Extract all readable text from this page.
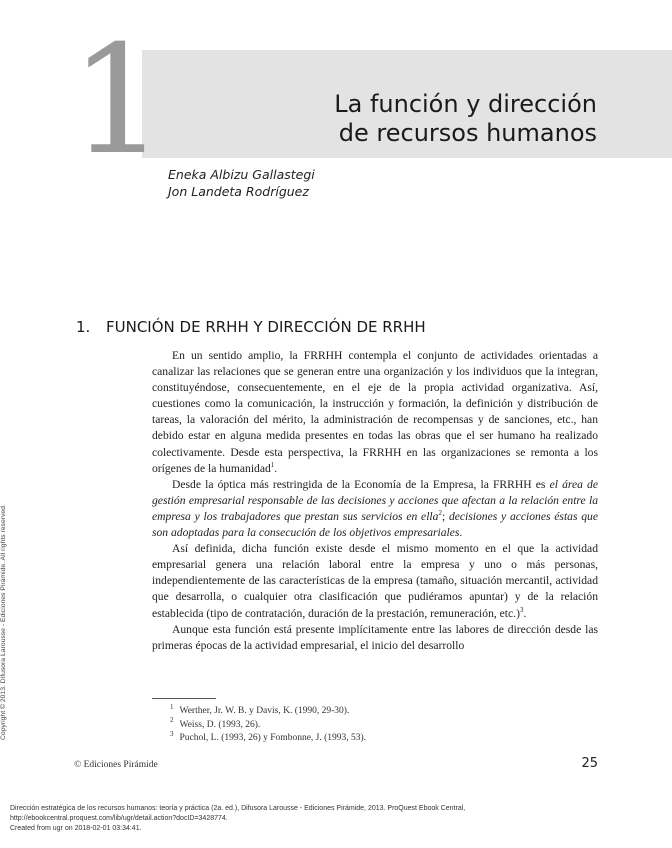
1	La función y dirección
de recursos humanos
Eneka Albizu Gallastegi
Jon Landeta Rodríguez
1. FUNCIÓN DE RRHH Y DIRECCIÓN DE RRHH

En un sentido amplio, la FRRHH contempla el conjunto de actividades orientadas a canalizar las relaciones que se generan entre una organización y los individuos que la integran, constituyéndose, consecuentemente, en el eje de la propia actividad organizativa. Así, cuestiones como la comunicación, la instrucción y formación, la definición y distribución de tareas, la valoración del mérito, la administración de recompensas y de sanciones, etc., han debido estar en alguna medida presentes en todas las obras que el ser humano ha realizado colectivamente. Desde esta perspectiva, la FRRHH en las organizaciones se remonta a los orígenes de la humanidad$^1$.

Desde la óptica más restringida de la Economía de la Empresa, la FRRHH es el área de gestión empresarial responsable de las decisiones y acciones que afectan a la relación entre la empresa y los trabajadores que prestan sus servicios en ella$^2$; decisiones y acciones éstas que son adoptadas para la consecución de los objetivos empresariales.

Así definida, dicha función existe desde el mismo momento en el que la actividad empresarial genera una relación laboral entre la empresa y uno o más personas, independientemente de las características de la empresa (tamaño, situación mercantil, actividad que desarrolla, o cualquier otra clasificación que pudiéramos apuntar) y de la relación establecida (tipo de contratación, duración de la prestación, remuneración, etc.)$^3$.

Aunque esta función está presente implícitamente entre las labores de dirección desde las primeras épocas de la actividad empresarial, el inicio del desarrollo

$^1$ Werther, Jr. W. B. y Davis, K. (1990, 29-30).
$^2$ Weiss, D. (1993, 26).
$^3$ Puchol, L. (1993, 26) y Fombonne, J. (1993, 53).
© Ediciones Pirámide	25
Copyright © 2013. Difusora Larousse - Ediciones Pirámide. All rights reserved.
Dirección estratégica de los recursos humanos: teoría y práctica (2a. ed.), Difusora Larousse - Ediciones Pirámide, 2013. ProQuest Ebook Central,
http://ebookcentral.proquest.com/lib/ugr/detail.action?docID=3428774.
Created from ugr on 2018-02-01 03:34:41.
